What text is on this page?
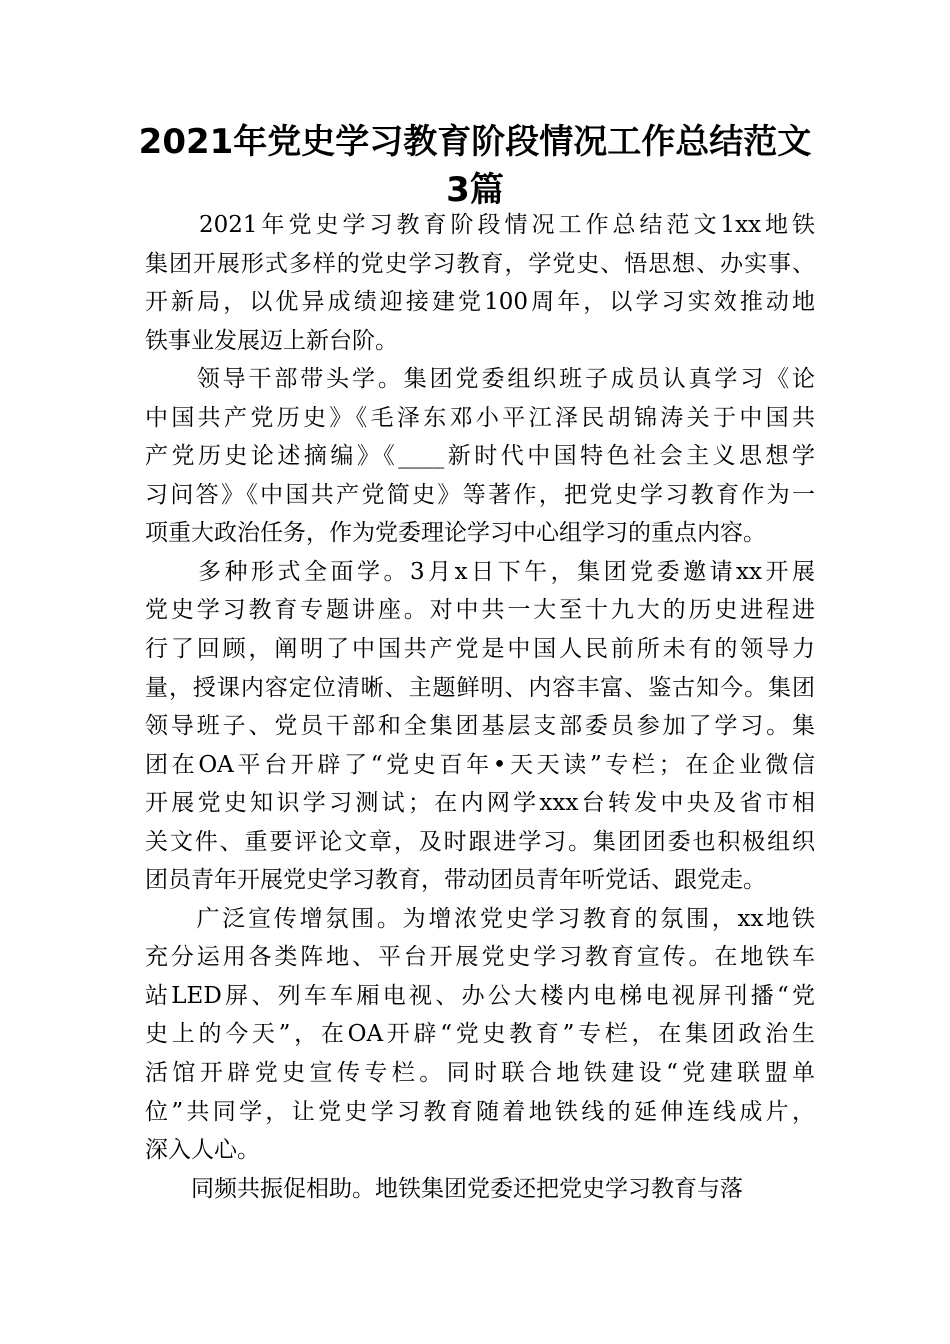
2021年党史学习教育阶段情况工作总结范文
3篇
　　2021年党史学习教育阶段情况工作总结范文1xx地铁
集团开展形式多样的党史学习教育，学党史、悟思想、办实事、
开新局，以优异成绩迎接建党100周年，以学习实效推动地
铁事业发展迈上新台阶。
　　领导干部带头学。集团党委组织班子成员认真学习《论
中国共产党历史》《毛泽东邓小平江泽民胡锦涛关于中国共
产党历史论述摘编》《____新时代中国特色社会主义思想学
习问答》《中国共产党简史》等著作，把党史学习教育作为一
项重大政治任务，作为党委理论学习中心组学习的重点内容。
　　多种形式全面学。3月x日下午，集团党委邀请xx开展
党史学习教育专题讲座。对中共一大至十九大的历史进程进
行了回顾，阐明了中国共产党是中国人民前所未有的领导力
量，授课内容定位清晰、主题鲜明、内容丰富、鉴古知今。集团
领导班子、党员干部和全集团基层支部委员参加了学习。集
团在OA平台开辟了“党史百年•天天读”专栏；在企业微信
开展党史知识学习测试；在内网学xxx台转发中央及省市相
关文件、重要评论文章，及时跟进学习。集团团委也积极组织
团员青年开展党史学习教育，带动团员青年听党话、跟党走。
　　广泛宣传增氛围。为增浓党史学习教育的氛围，xx地铁
充分运用各类阵地、平台开展党史学习教育宣传。在地铁车
站LED屏、列车车厢电视、办公大楼内电梯电视屏刊播“党
史上的今天”，在OA开辟“党史教育”专栏，在集团政治生
活馆开辟党史宣传专栏。同时联合地铁建设“党建联盟单
位”共同学，让党史学习教育随着地铁线的延伸连线成片，
深入人心。
　　同频共振促相助。地铁集团党委还把党史学习教育与落
